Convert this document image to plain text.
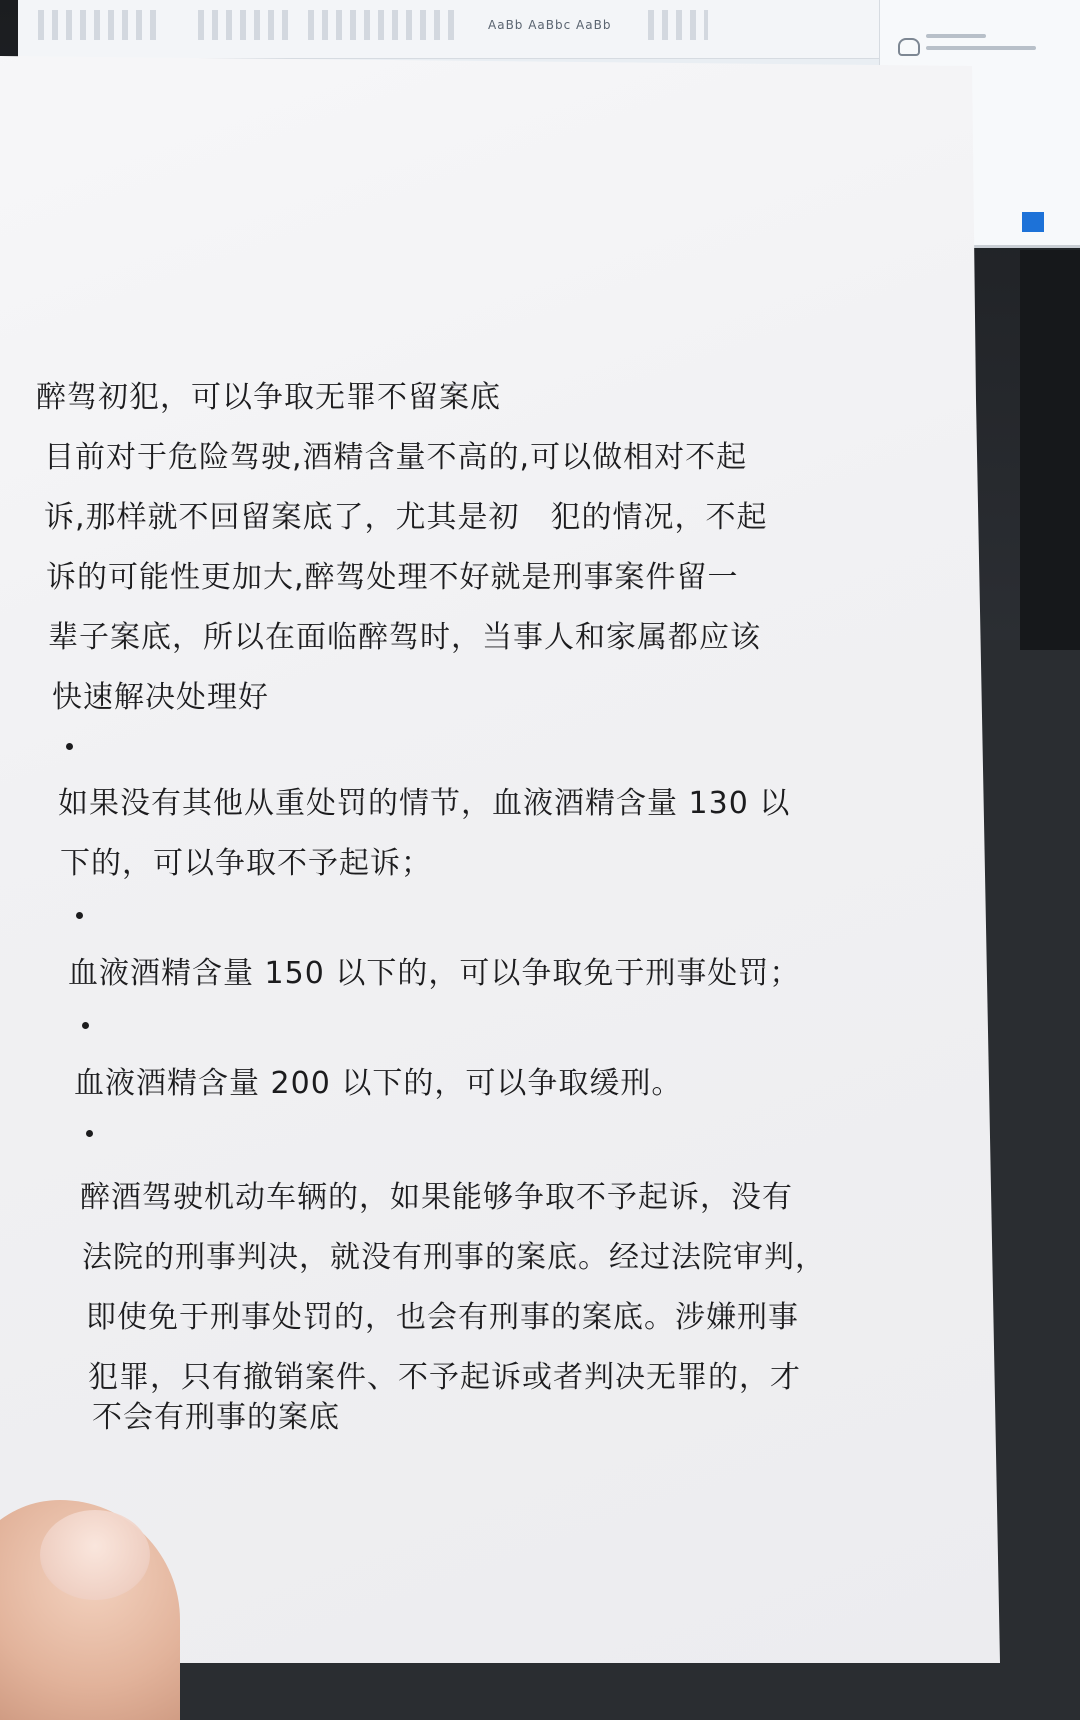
AaBb AaBbc AaBb
醉驾初犯，可以争取无罪不留案底
目前对于危险驾驶,酒精含量不高的,可以做相对不起
诉,那样就不回留案底了，尤其是初　犯的情况，不起
诉的可能性更加大,醉驾处理不好就是刑事案件留一
辈子案底，所以在面临醉驾时，当事人和家属都应该
快速解决处理好
如果没有其他从重处罚的情节，血液酒精含量 130 以
下的，可以争取不予起诉；
血液酒精含量 150 以下的，可以争取免于刑事处罚；
血液酒精含量 200 以下的，可以争取缓刑。
醉酒驾驶机动车辆的，如果能够争取不予起诉，没有
法院的刑事判决，就没有刑事的案底。经过法院审判，
即使免于刑事处罚的，也会有刑事的案底。涉嫌刑事
犯罪，只有撤销案件、不予起诉或者判决无罪的，才
不会有刑事的案底
